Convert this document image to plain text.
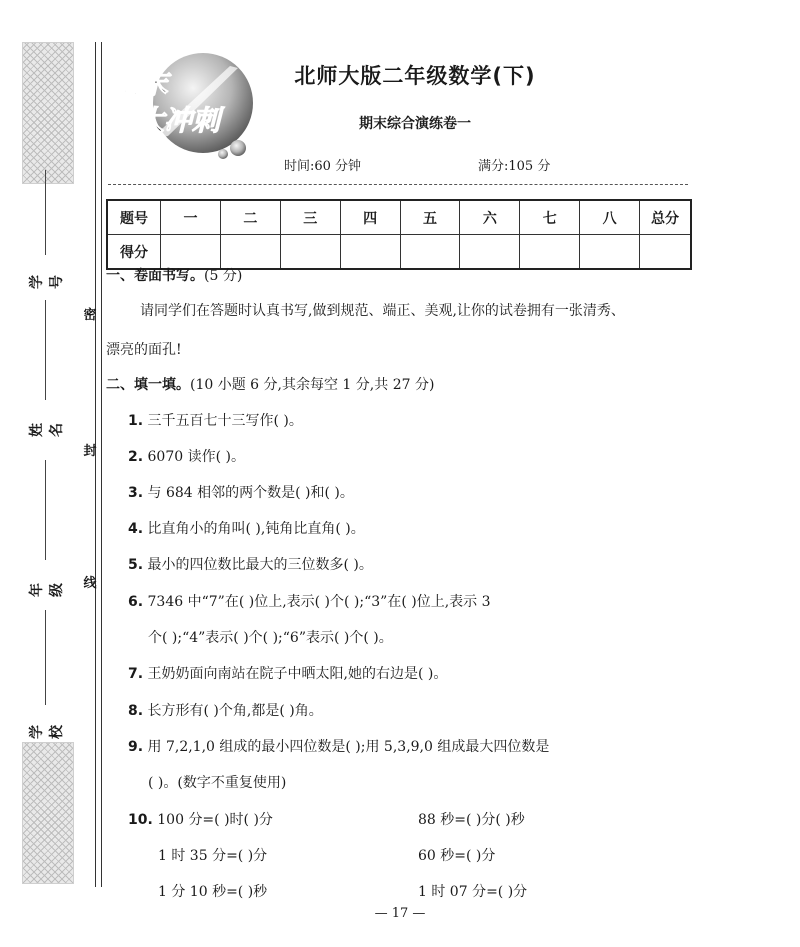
学号
姓名
年级
学校
密
封
线
期末
大冲刺
北师大版二年级数学(下)
期末综合演练卷一
时间:60 分钟	满分:105 分
题号	一	二	三	四	五	六	七	八	总分
得分									
一、卷面书写。(5 分)
请同学们在答题时认真书写,做到规范、端正、美观,让你的试卷拥有一张清秀、
漂亮的面孔!
二、填一填。(10 小题 6 分,其余每空 1 分,共 27 分)
1. 三千五百七十三写作( )。
2. 6070 读作( )。
3. 与 684 相邻的两个数是( )和( )。
4. 比直角小的角叫( ),钝角比直角( )。
5. 最小的四位数比最大的三位数多( )。
6. 7346 中“7”在( )位上,表示( )个( );“3”在( )位上,表示 3
个( );“4”表示( )个( );“6”表示( )个( )。
7. 王奶奶面向南站在院子中晒太阳,她的右边是( )。
8. 长方形有( )个角,都是( )角。
9. 用 7,2,1,0 组成的最小四位数是( );用 5,3,9,0 组成最大四位数是
( )。(数字不重复使用)
10. 100 分=( )时( )分	88 秒=( )分( )秒
1 时 35 分=( )分	60 秒=( )分
1 分 10 秒=( )秒	1 时 07 分=( )分
— 17 —
